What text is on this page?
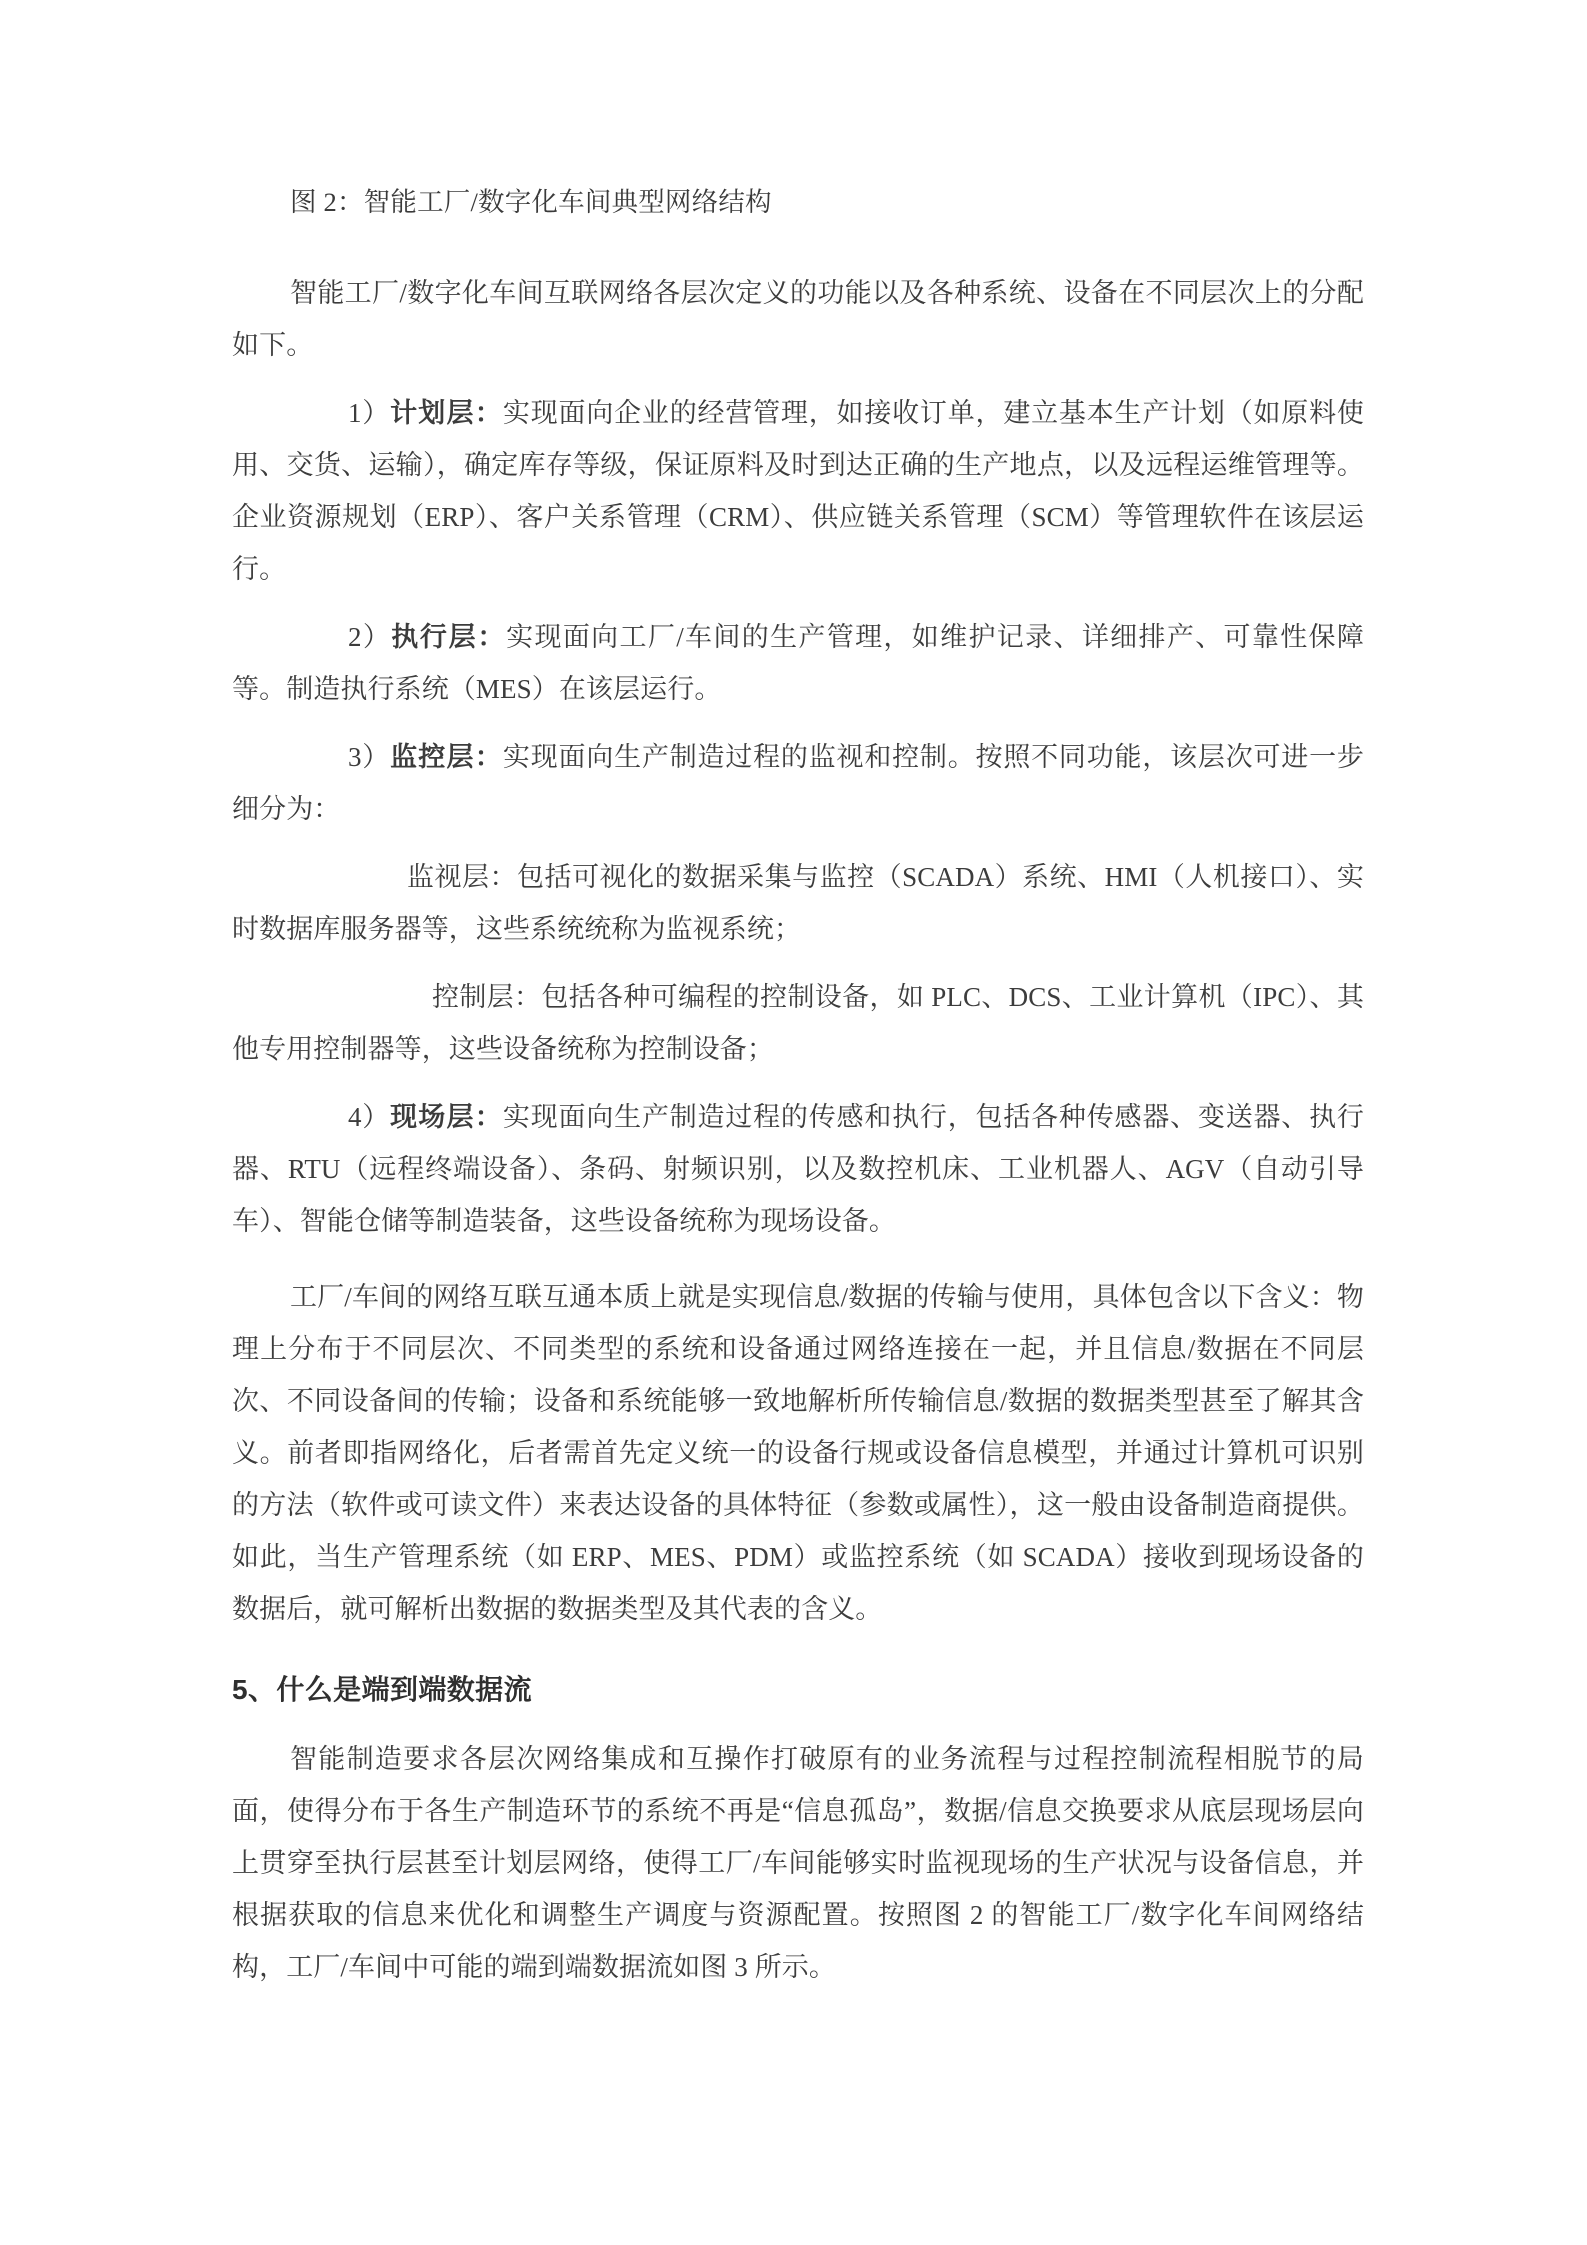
图 2：智能工厂/数字化车间典型网络结构

智能工厂/数字化车间互联网络各层次定义的功能以及各种系统、设备在不同层次上的分配如下。

1）计划层：实现面向企业的经营管理，如接收订单，建立基本生产计划（如原料使用、交货、运输），确定库存等级，保证原料及时到达正确的生产地点，以及远程运维管理等。企业资源规划（ERP）、客户关系管理（CRM）、供应链关系管理（SCM）等管理软件在该层运行。

2）执行层：实现面向工厂/车间的生产管理，如维护记录、详细排产、可靠性保障等。制造执行系统（MES）在该层运行。

3）监控层：实现面向生产制造过程的监视和控制。按照不同功能，该层次可进一步细分为：

监视层：包括可视化的数据采集与监控（SCADA）系统、HMI（人机接口）、实时数据库服务器等，这些系统统称为监视系统；

控制层：包括各种可编程的控制设备，如 PLC、DCS、工业计算机（IPC）、其他专用控制器等，这些设备统称为控制设备；

4）现场层：实现面向生产制造过程的传感和执行，包括各种传感器、变送器、执行器、RTU（远程终端设备）、条码、射频识别，以及数控机床、工业机器人、AGV（自动引导车）、智能仓储等制造装备，这些设备统称为现场设备。

工厂/车间的网络互联互通本质上就是实现信息/数据的传输与使用，具体包含以下含义：物理上分布于不同层次、不同类型的系统和设备通过网络连接在一起，并且信息/数据在不同层次、不同设备间的传输；设备和系统能够一致地解析所传输信息/数据的数据类型甚至了解其含义。前者即指网络化，后者需首先定义统一的设备行规或设备信息模型，并通过计算机可识别的方法（软件或可读文件）来表达设备的具体特征（参数或属性），这一般由设备制造商提供。如此，当生产管理系统（如 ERP、MES、PDM）或监控系统（如 SCADA）接收到现场设备的数据后，就可解析出数据的数据类型及其代表的含义。

5、什么是端到端数据流

智能制造要求各层次网络集成和互操作打破原有的业务流程与过程控制流程相脱节的局面，使得分布于各生产制造环节的系统不再是“信息孤岛”，数据/信息交换要求从底层现场层向上贯穿至执行层甚至计划层网络，使得工厂/车间能够实时监视现场的生产状况与设备信息，并根据获取的信息来优化和调整生产调度与资源配置。按照图 2 的智能工厂/数字化车间网络结构，工厂/车间中可能的端到端数据流如图 3 所示。
